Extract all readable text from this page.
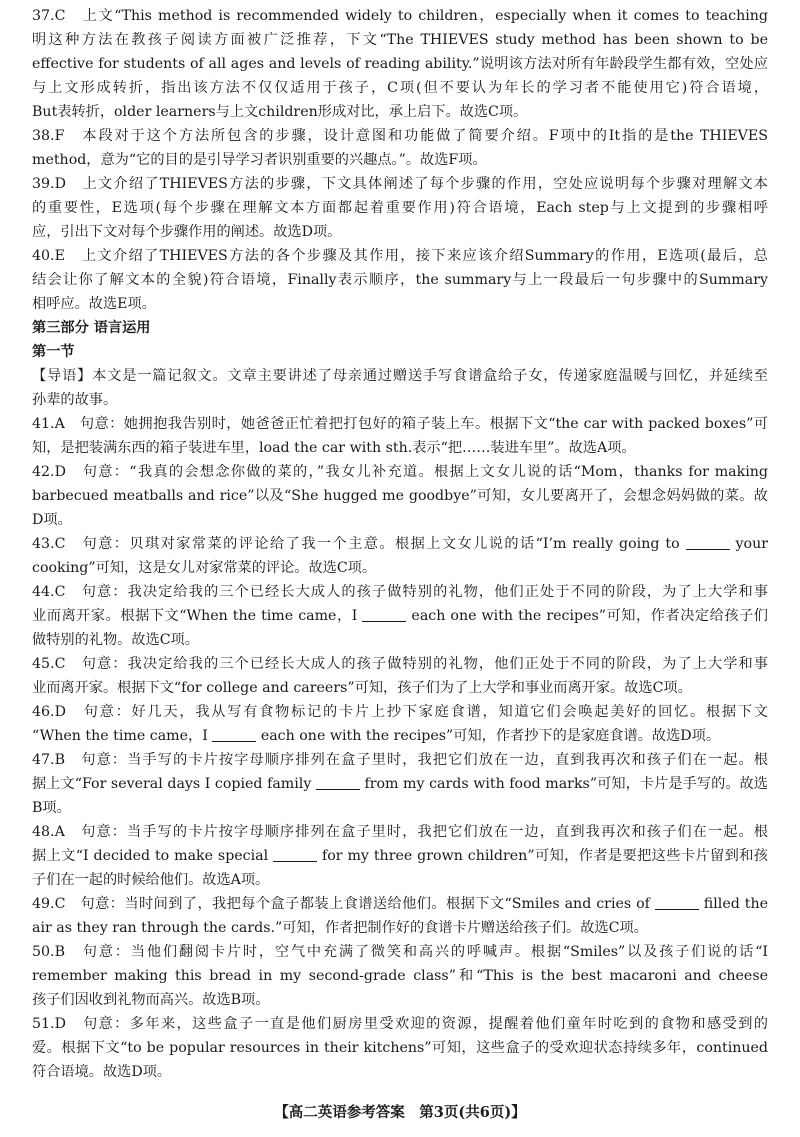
37.C　上文“This method is recommended widely to children，especially when it comes to teaching
明这种方法在教孩子阅读方面被广泛推荐，下文“The THIEVES study method has been shown to be
effective for students of all ages and levels of reading ability.”说明该方法对所有年龄段学生都有效，空处应
与上文形成转折，指出该方法不仅仅适用于孩子，C项(但不要认为年长的学习者不能使用它)符合语境，
But表转折，older learners与上文children形成对比，承上启下。故选C项。
38.F　本段对于这个方法所包含的步骤，设计意图和功能做了简要介绍。F项中的It指的是the THIEVES
method，意为“它的目的是引导学习者识别重要的兴趣点。”。故选F项。
39.D　上文介绍了THIEVES方法的步骤，下文具体阐述了每个步骤的作用，空处应说明每个步骤对理解文本
的重要性，E选项(每个步骤在理解文本方面都起着重要作用)符合语境，Each step与上文提到的步骤相呼
应，引出下文对每个步骤作用的阐述。故选D项。
40.E　上文介绍了THIEVES方法的各个步骤及其作用，接下来应该介绍Summary的作用，E选项(最后，总
结会让你了解文本的全貌)符合语境，Finally表示顺序，the summary与上一段最后一句步骤中的Summary
相呼应。故选E项。
第三部分 语言运用
第一节
【导语】本文是一篇记叙文。文章主要讲述了母亲通过赠送手写食谱盒给子女，传递家庭温暖与回忆，并延续至
孙辈的故事。
41.A　句意：她拥抱我告别时，她爸爸正忙着把打包好的箱子装上车。根据下文“the car with packed boxes”可
知，是把装满东西的箱子装进车里，load the car with sth.表示“把……装进车里”。故选A项。
42.D　句意：“我真的会想念你做的菜的，”我女儿补充道。根据上文女儿说的话“Mom，thanks for making
barbecued meatballs and rice”以及“She hugged me goodbye”可知，女儿要离开了，会想念妈妈做的菜。故
D项。
43.C　句意：贝琪对家常菜的评论给了我一个主意。根据上文女儿说的话“I’m really going to	your
cooking”可知，这是女儿对家常菜的评论。故选C项。
44.C　句意：我决定给我的三个已经长大成人的孩子做特别的礼物，他们正处于不同的阶段，为了上大学和事
业而离开家。根据下文“When the time came，I	each one with the recipes”可知，作者决定给孩子们
做特别的礼物。故选C项。
45.C　句意：我决定给我的三个已经长大成人的孩子做特别的礼物，他们正处于不同的阶段，为了上大学和事
业而离开家。根据下文“for college and careers”可知，孩子们为了上大学和事业而离开家。故选C项。
46.D　句意：好几天，我从写有食物标记的卡片上抄下家庭食谱，知道它们会唤起美好的回忆。根据下文
“When the time came，I	each one with the recipes”可知，作者抄下的是家庭食谱。故选D项。
47.B　句意：当手写的卡片按字母顺序排列在盒子里时，我把它们放在一边，直到我再次和孩子们在一起。根
据上文“For several days I copied family	from my cards with food marks”可知，卡片是手写的。故选
B项。
48.A　句意：当手写的卡片按字母顺序排列在盒子里时，我把它们放在一边，直到我再次和孩子们在一起。根
据上文“I decided to make special	for my three grown children”可知，作者是要把这些卡片留到和孩
子们在一起的时候给他们。故选A项。
49.C　句意：当时间到了，我把每个盒子都装上食谱送给他们。根据下文“Smiles and cries of	filled the
air as they ran through the cards.”可知，作者把制作好的食谱卡片赠送给孩子们。故选C项。
50.B　句意：当他们翻阅卡片时，空气中充满了微笑和高兴的呼喊声。根据“Smiles”以及孩子们说的话“I
remember making this bread in my second-grade class”和“This is the best macaroni and cheese
孩子们因收到礼物而高兴。故选B项。
51.D　句意：多年来，这些盒子一直是他们厨房里受欢迎的资源，提醒着他们童年时吃到的食物和感受到的
爱。根据下文“to be popular resources in their kitchens”可知，这些盒子的受欢迎状态持续多年，continued
符合语境。故选D项。
【高二英语参考答案　第3页(共6页)】
